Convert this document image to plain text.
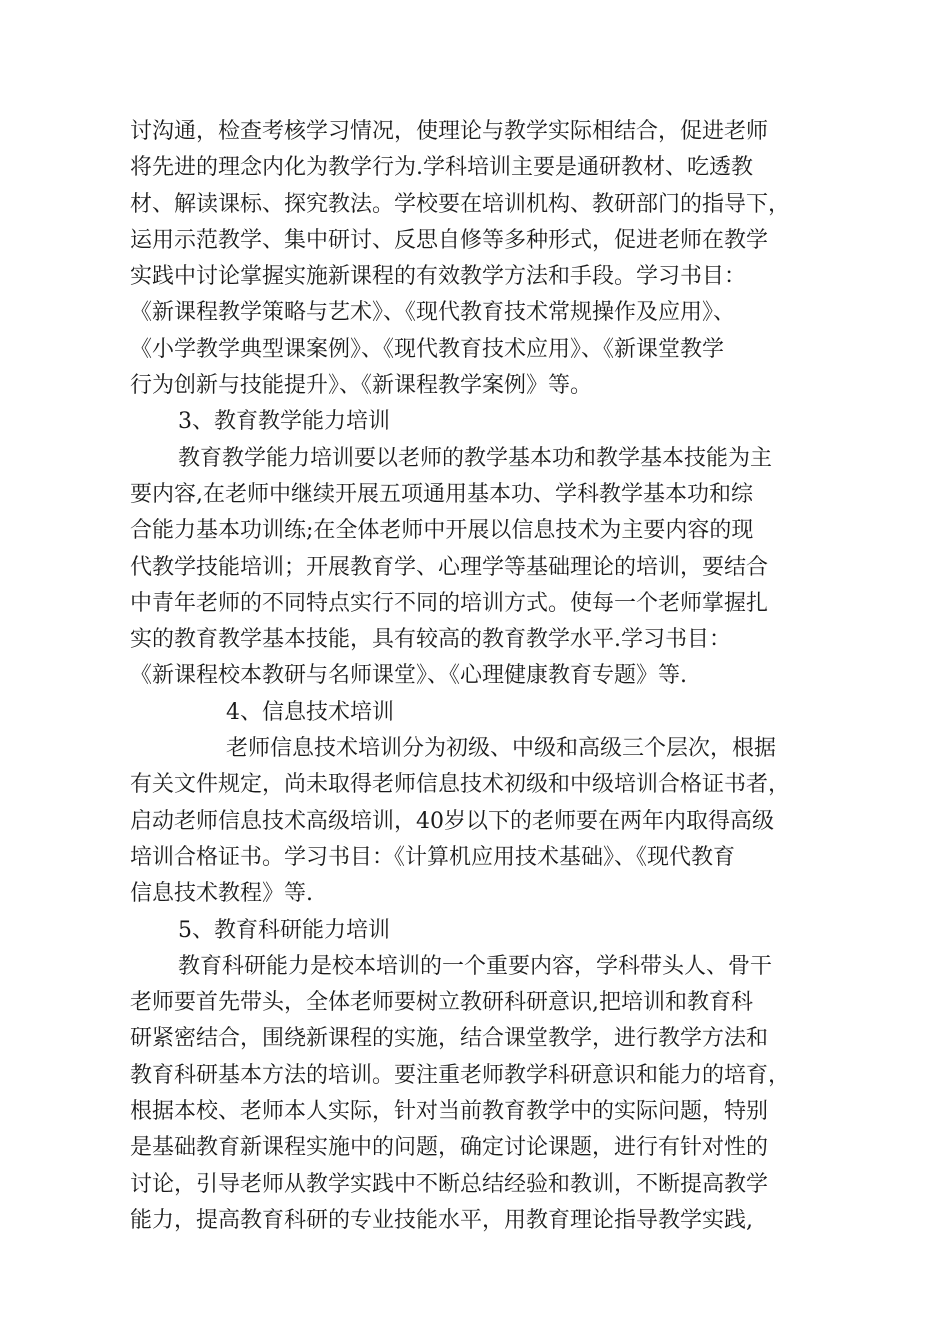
讨沟通，检查考核学习情况，使理论与教学实际相结合，促进老师
将先进的理念内化为教学行为.学科培训主要是通研教材、吃透教
材、解读课标、探究教法。学校要在培训机构、教研部门的指导下，
运用示范教学、集中研讨、反思自修等多种形式，促进老师在教学
实践中讨论掌握实施新课程的有效教学方法和手段。学习书目：
《新课程教学策略与艺术》、《现代教育技术常规操作及应用》、
《小学教学典型课案例》、《现代教育技术应用》、《新课堂教学
行为创新与技能提升》、《新课程教学案例》等。
3、教育教学能力培训
教育教学能力培训要以老师的教学基本功和教学基本技能为主
要内容,在老师中继续开展五项通用基本功、学科教学基本功和综
合能力基本功训练;在全体老师中开展以信息技术为主要内容的现
代教学技能培训；开展教育学、心理学等基础理论的培训，要结合
中青年老师的不同特点实行不同的培训方式。使每一个老师掌握扎
实的教育教学基本技能，具有较高的教育教学水平.学习书目：
《新课程校本教研与名师课堂》、《心理健康教育专题》等.
4、信息技术培训
老师信息技术培训分为初级、中级和高级三个层次，根据
有关文件规定，尚未取得老师信息技术初级和中级培训合格证书者，
启动老师信息技术高级培训，40岁以下的老师要在两年内取得高级
培训合格证书。学习书目：《计算机应用技术基础》、《现代教育
信息技术教程》等.
5、教育科研能力培训
教育科研能力是校本培训的一个重要内容，学科带头人、骨干
老师要首先带头，全体老师要树立教研科研意识,把培训和教育科
研紧密结合，围绕新课程的实施，结合课堂教学，进行教学方法和
教育科研基本方法的培训。要注重老师教学科研意识和能力的培育，
根据本校、老师本人实际，针对当前教育教学中的实际问题，特别
是基础教育新课程实施中的问题，确定讨论课题，进行有针对性的
讨论，引导老师从教学实践中不断总结经验和教训，不断提高教学
能力，提高教育科研的专业技能水平，用教育理论指导教学实践,
